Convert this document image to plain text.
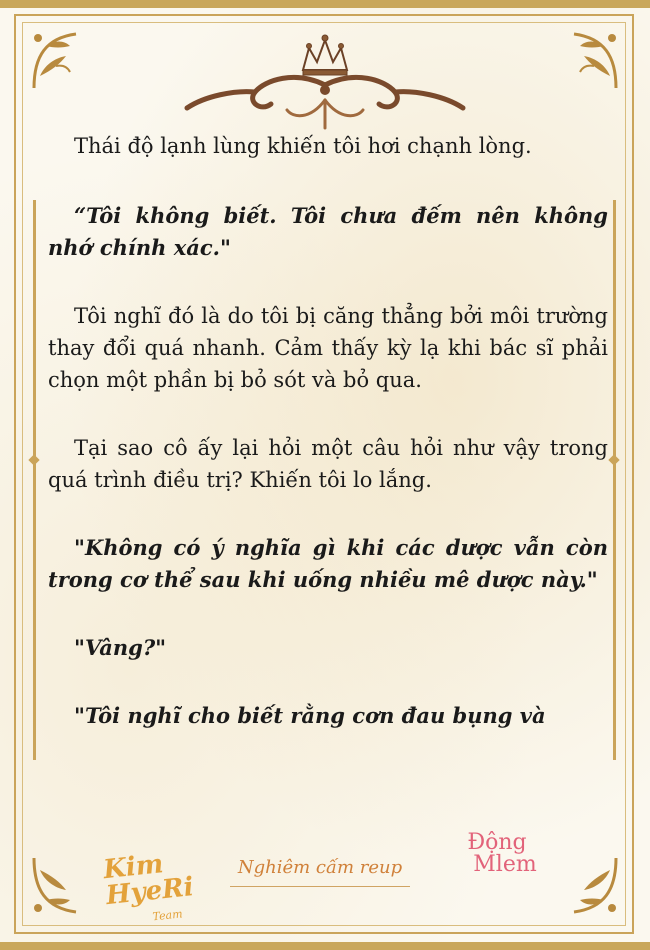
Thái độ lạnh lùng khiến tôi hơi chạnh lòng.

“Tôi không biết. Tôi chưa đếm nên không nhớ chính xác."

Tôi nghĩ đó là do tôi bị căng thẳng bởi môi trường thay đổi quá nhanh. Cảm thấy kỳ lạ khi bác sĩ phải chọn một phần bị bỏ sót và bỏ qua.

Tại sao cô ấy lại hỏi một câu hỏi như vậy trong quá trình điều trị? Khiến tôi lo lắng.

"Không có ý nghĩa gì khi các dược vẫn còn trong cơ thể sau khi uống nhiều mê dược này."

"Vâng?"

"Tôi nghĩ cho biết rằng cơn đau bụng và

Kim HyeRi
Team
Nghiêm cấm reup
Động
Mlem
